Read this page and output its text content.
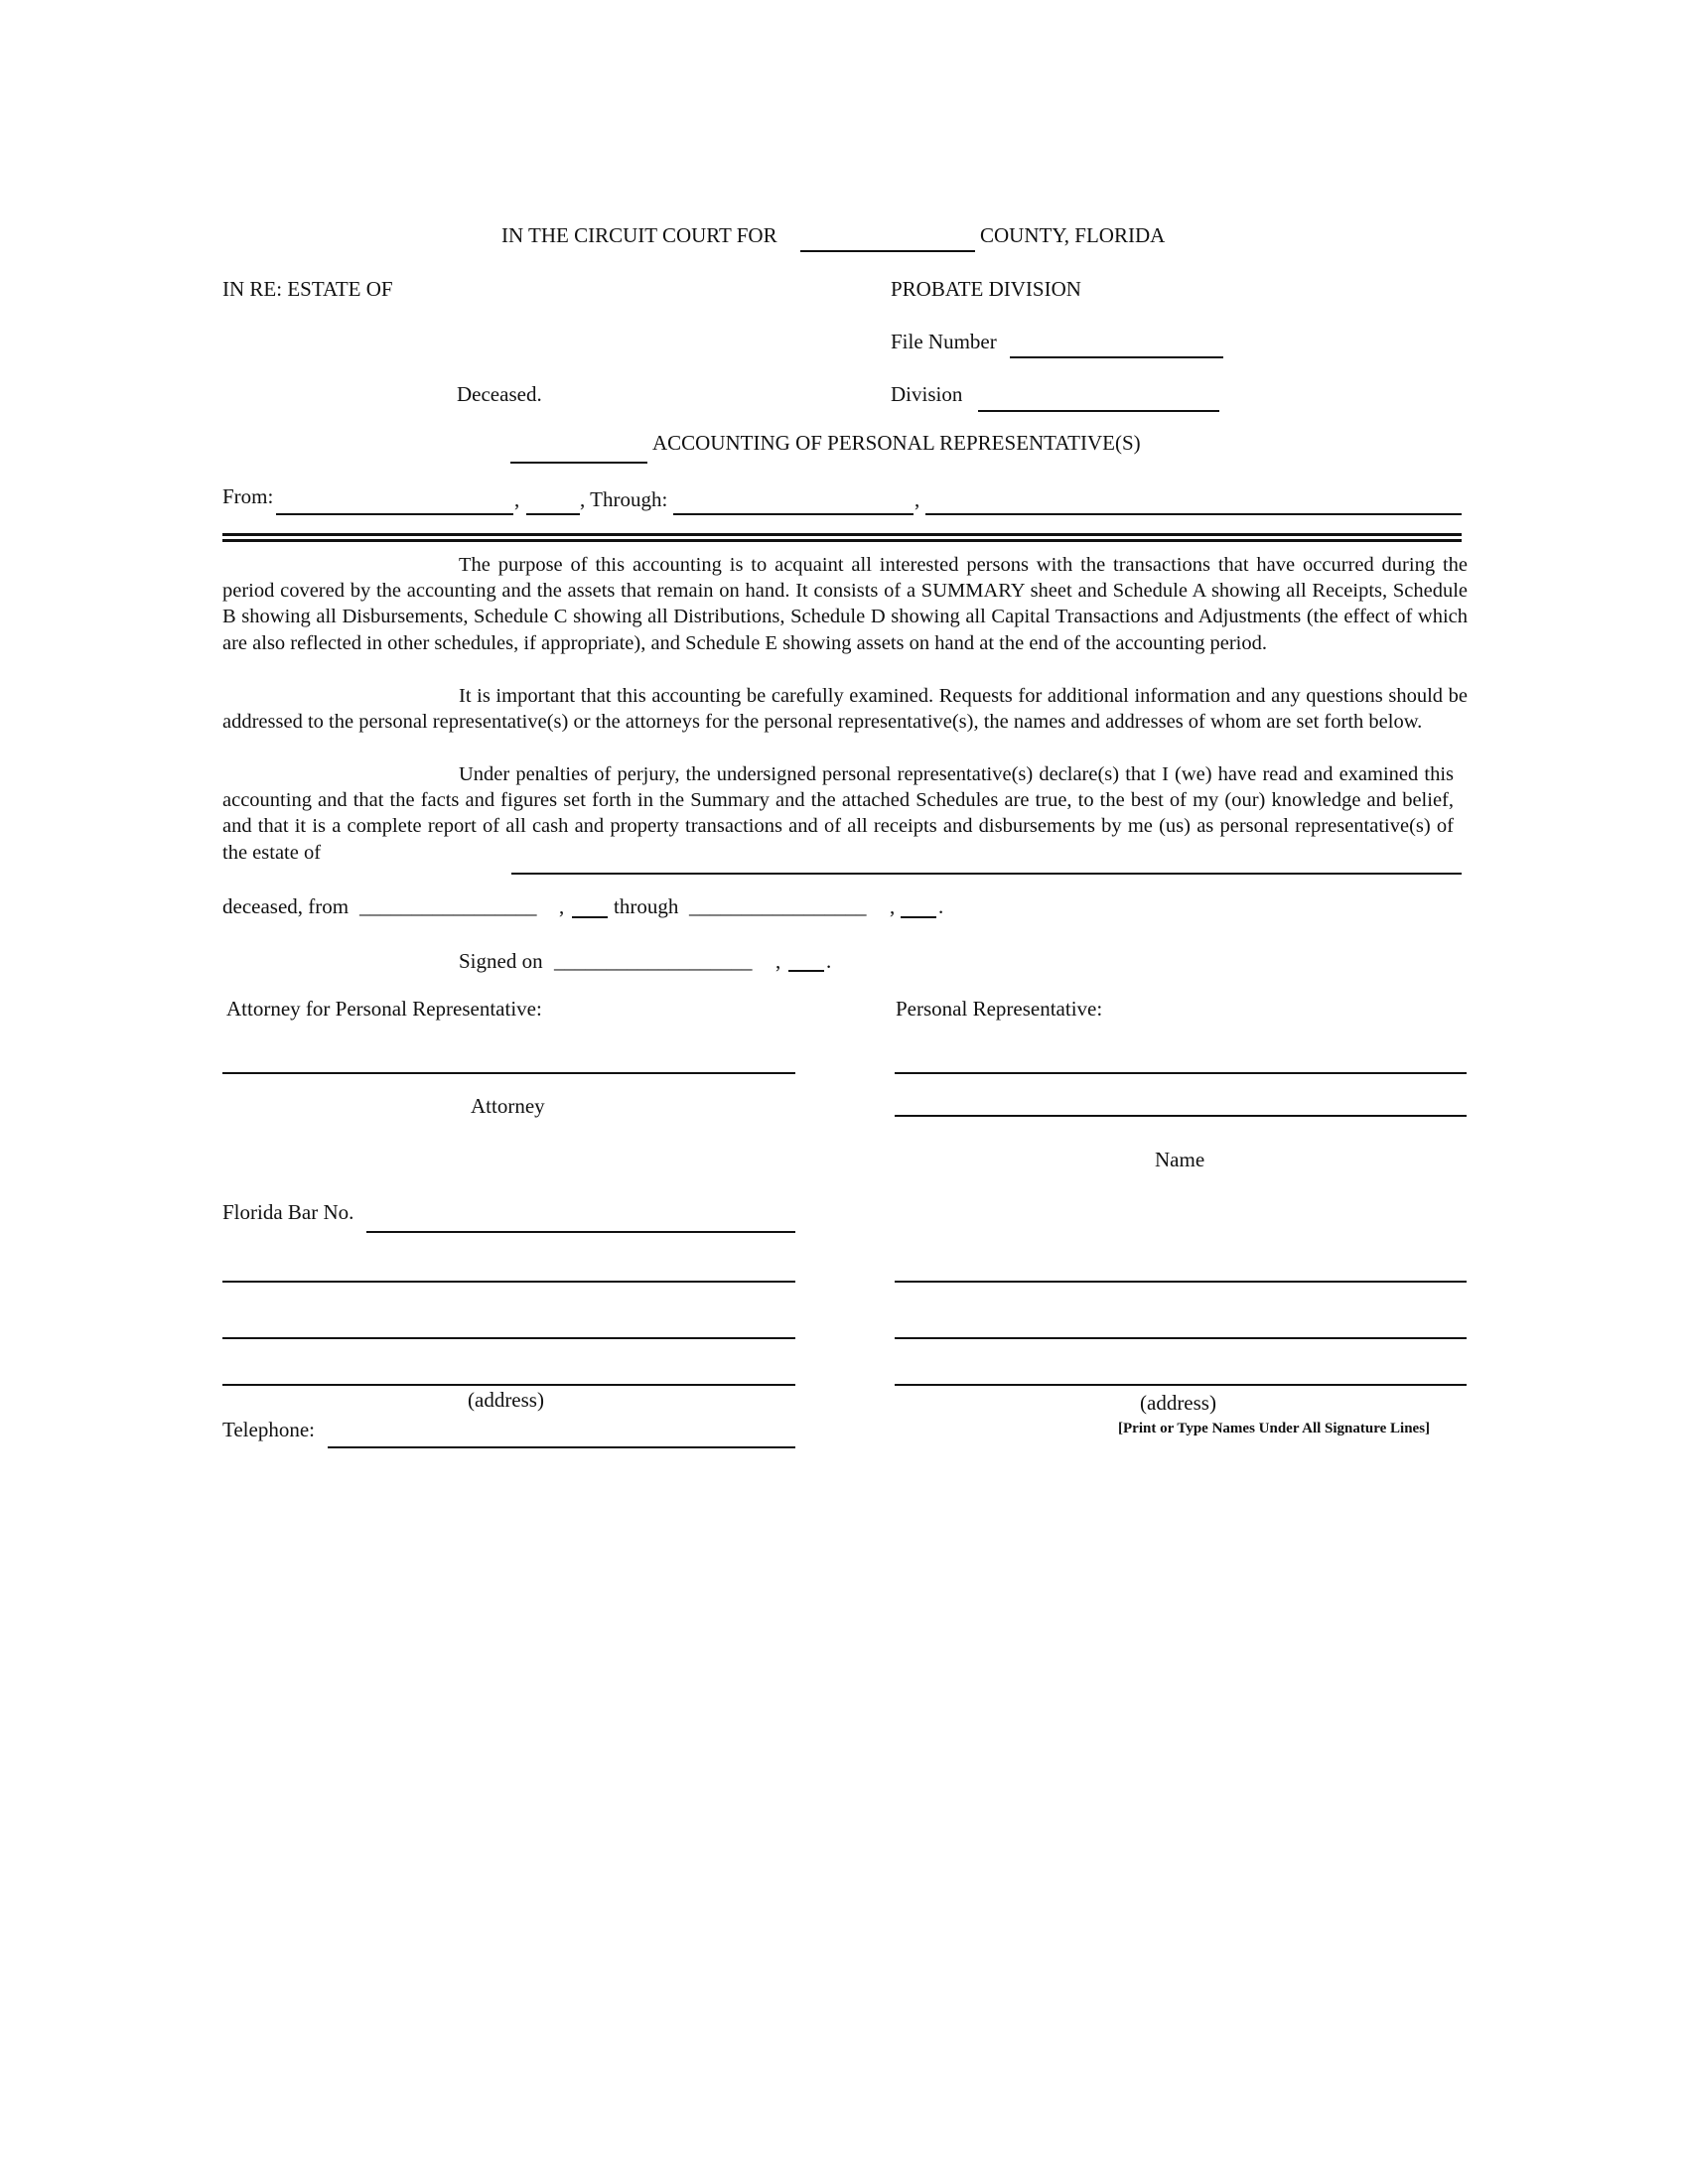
IN THE CIRCUIT COURT FOR	COUNTY, FLORIDA
IN RE: ESTATE OF	PROBATE DIVISION
File Number
Deceased.	Division
ACCOUNTING OF PERSONAL REPRESENTATIVE(S)
From:	,	, Through:	,

The purpose of this accounting is to acquaint all interested persons with the transactions that have occurred during the period covered by the accounting and the assets that remain on hand. It consists of a SUMMARY sheet and Schedule A showing all Receipts, Schedule B showing all Disbursements, Schedule C showing all Distributions, Schedule D showing all Capital Transactions and Adjustments (the effect of which are also reflected in other schedules, if appropriate), and Schedule E showing assets on hand at the end of the accounting period.

It is important that this accounting be carefully examined. Requests for additional information and any questions should be addressed to the personal representative(s) or the attorneys for the personal representative(s), the names and addresses of whom are set forth below.

Under penalties of perjury, the undersigned personal representative(s) declare(s) that I (we) have read and examined this accounting and that the facts and figures set forth in the Summary and the attached Schedules are true, to the best of my (our) knowledge and belief, and that it is a complete report of all cash and property transactions and of all receipts and disbursements by me (us) as personal representative(s) of the estate of

deceased, from _________________ , through _________________ , .
Signed on ___________________ , .
Attorney for Personal Representative:	Personal Representative:
Attorney
Florida Bar No.
(address)
Telephone:
Name
(address)
[Print or Type Names Under All Signature Lines]
